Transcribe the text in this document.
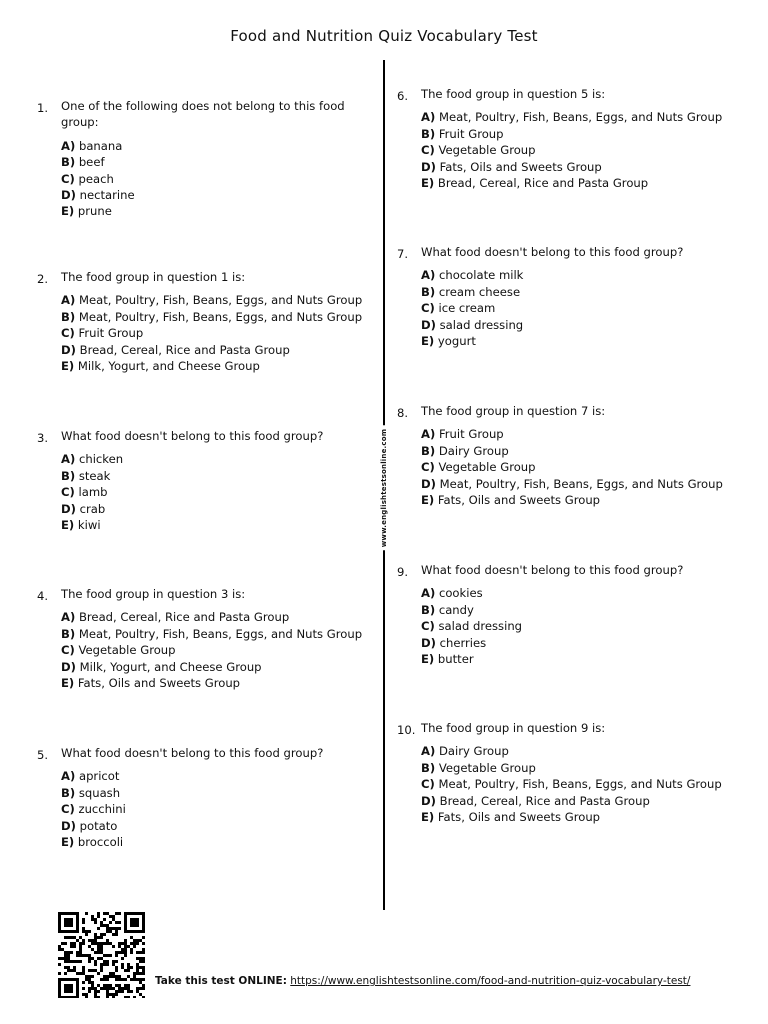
Food and Nutrition Quiz Vocabulary Test
www.englishtestsonline.com
1. One of the following does not belong to this food group:
A) banana
B) beef
C) peach
D) nectarine
E) prune
2. The food group in question 1 is:
A) Meat, Poultry, Fish, Beans, Eggs, and Nuts Group
B) Meat, Poultry, Fish, Beans, Eggs, and Nuts Group
C) Fruit Group
D) Bread, Cereal, Rice and Pasta Group
E) Milk, Yogurt, and Cheese Group
3. What food doesn't belong to this food group?
A) chicken
B) steak
C) lamb
D) crab
E) kiwi
4. The food group in question 3 is:
A) Bread, Cereal, Rice and Pasta Group
B) Meat, Poultry, Fish, Beans, Eggs, and Nuts Group
C) Vegetable Group
D) Milk, Yogurt, and Cheese Group
E) Fats, Oils and Sweets Group
5. What food doesn't belong to this food group?
A) apricot
B) squash
C) zucchini
D) potato
E) broccoli
6. The food group in question 5 is:
A) Meat, Poultry, Fish, Beans, Eggs, and Nuts Group
B) Fruit Group
C) Vegetable Group
D) Fats, Oils and Sweets Group
E) Bread, Cereal, Rice and Pasta Group
7. What food doesn't belong to this food group?
A) chocolate milk
B) cream cheese
C) ice cream
D) salad dressing
E) yogurt
8. The food group in question 7 is:
A) Fruit Group
B) Dairy Group
C) Vegetable Group
D) Meat, Poultry, Fish, Beans, Eggs, and Nuts Group
E) Fats, Oils and Sweets Group
9. What food doesn't belong to this food group?
A) cookies
B) candy
C) salad dressing
D) cherries
E) butter
10. The food group in question 9 is:
A) Dairy Group
B) Vegetable Group
C) Meat, Poultry, Fish, Beans, Eggs, and Nuts Group
D) Bread, Cereal, Rice and Pasta Group
E) Fats, Oils and Sweets Group
Take this test ONLINE: https://www.englishtestsonline.com/food-and-nutrition-quiz-vocabulary-test/
